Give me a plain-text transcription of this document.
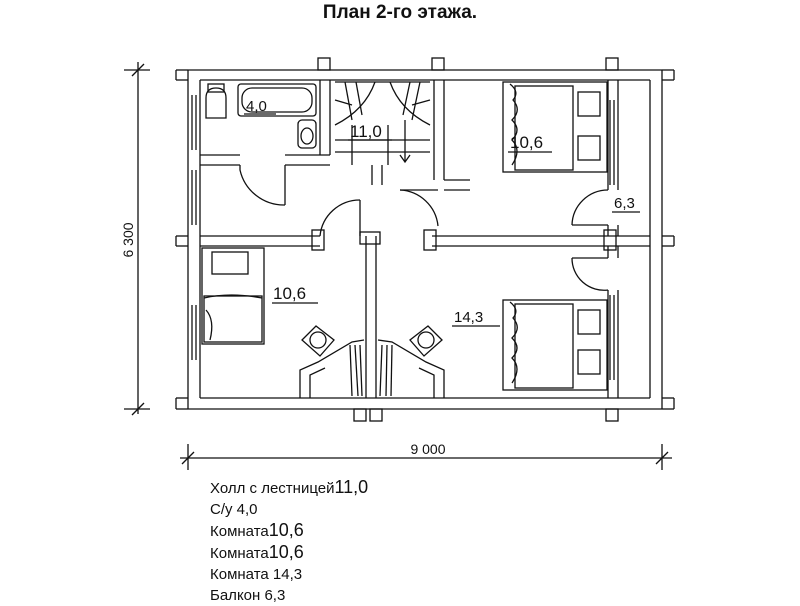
План 2-го этажа.
4,0
11,0
10,6
6,3
10,6
14,3
6 300
9 000
Холл с лестницей11,0
С/у 4,0
Комната10,6
Комната10,6
Комната 14,3
Балкон 6,3
